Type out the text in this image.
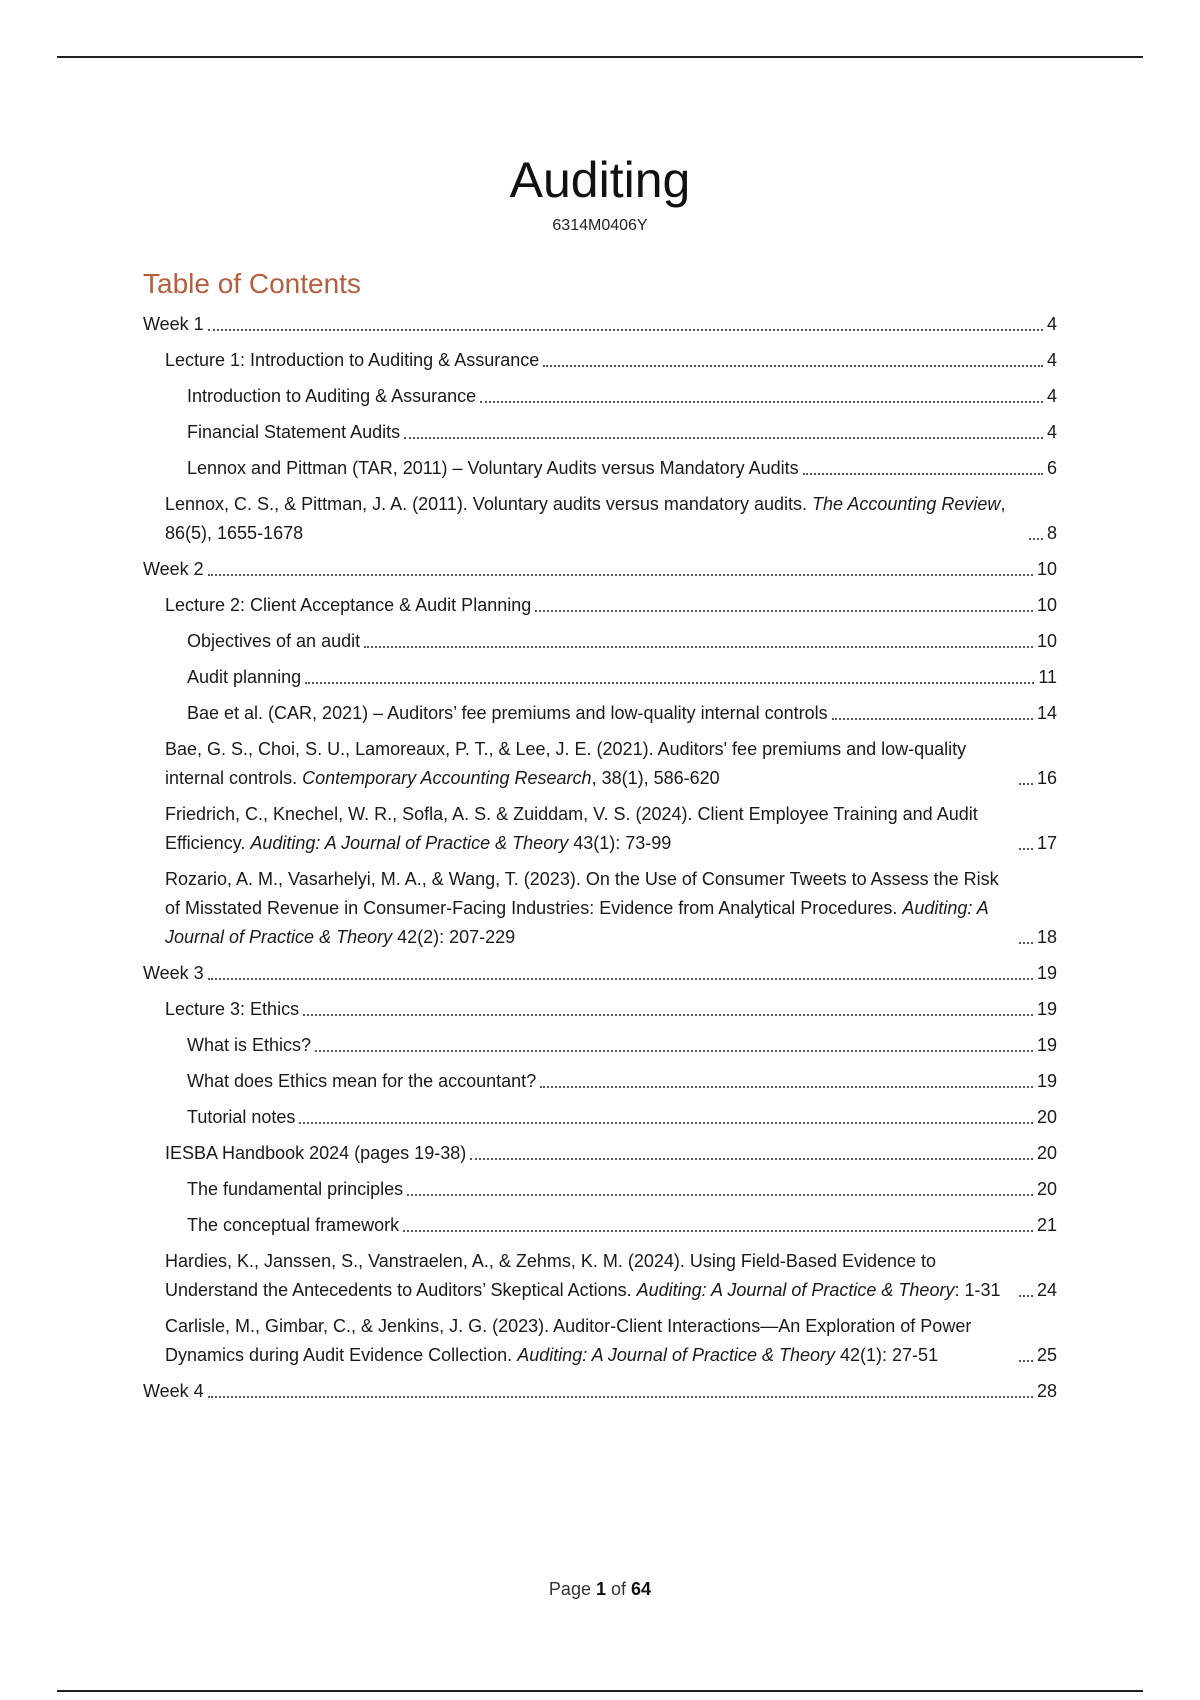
Auditing
6314M0406Y
Table of Contents
Week 1	4
Lecture 1: Introduction to Auditing & Assurance	4
Introduction to Auditing & Assurance	4
Financial Statement Audits	4
Lennox and Pittman (TAR, 2011) – Voluntary Audits versus Mandatory Audits	6
Lennox, C. S., & Pittman, J. A. (2011). Voluntary audits versus mandatory audits. The Accounting Review, 86(5), 1655-1678	8
Week 2	10
Lecture 2: Client Acceptance & Audit Planning	10
Objectives of an audit	10
Audit planning	11
Bae et al. (CAR, 2021) – Auditors’ fee premiums and low-quality internal controls	14
Bae, G. S., Choi, S. U., Lamoreaux, P. T., & Lee, J. E. (2021). Auditors' fee premiums and low-quality internal controls. Contemporary Accounting Research, 38(1), 586-620	16
Friedrich, C., Knechel, W. R., Sofla, A. S. & Zuiddam, V. S. (2024). Client Employee Training and Audit Efficiency. Auditing: A Journal of Practice & Theory 43(1): 73-99	17
Rozario, A. M., Vasarhelyi, M. A., & Wang, T. (2023). On the Use of Consumer Tweets to Assess the Risk of Misstated Revenue in Consumer-Facing Industries: Evidence from Analytical Procedures. Auditing: A Journal of Practice & Theory 42(2): 207-229	18
Week 3	19
Lecture 3: Ethics	19
What is Ethics?	19
What does Ethics mean for the accountant?	19
Tutorial notes	20
IESBA Handbook 2024 (pages 19-38)	20
The fundamental principles	20
The conceptual framework	21
Hardies, K., Janssen, S., Vanstraelen, A., & Zehms, K. M. (2024). Using Field-Based Evidence to Understand the Antecedents to Auditors’ Skeptical Actions. Auditing: A Journal of Practice & Theory: 1-31	24
Carlisle, M., Gimbar, C., & Jenkins, J. G. (2023). Auditor-Client Interactions—An Exploration of Power Dynamics during Audit Evidence Collection. Auditing: A Journal of Practice & Theory 42(1): 27-51	25
Week 4	28
Page 1 of 64
